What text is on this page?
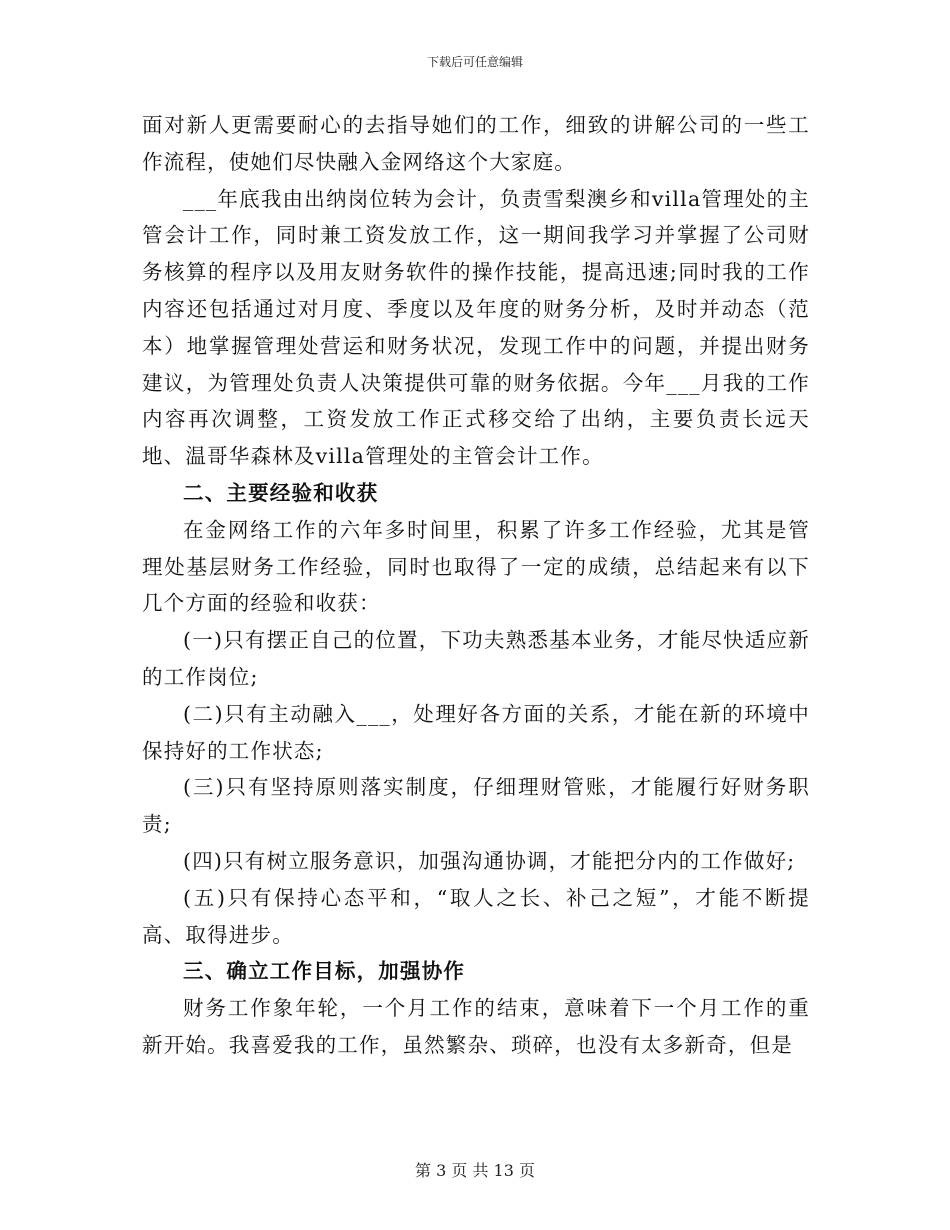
下载后可任意编辑

面对新人更需要耐心的去指导她们的工作，细致的讲解公司的一些工作流程，使她们尽快融入金网络这个大家庭。

___年底我由出纳岗位转为会计，负责雪梨澳乡和villa管理处的主管会计工作，同时兼工资发放工作，这一期间我学习并掌握了公司财务核算的程序以及用友财务软件的操作技能，提高迅速;同时我的工作内容还包括通过对月度、季度以及年度的财务分析，及时并动态（范本）地掌握管理处营运和财务状况，发现工作中的问题，并提出财务建议，为管理处负责人决策提供可靠的财务依据。今年___月我的工作内容再次调整，工资发放工作正式移交给了出纳，主要负责长远天地、温哥华森林及villa管理处的主管会计工作。

二、主要经验和收获

在金网络工作的六年多时间里，积累了许多工作经验，尤其是管理处基层财务工作经验，同时也取得了一定的成绩，总结起来有以下几个方面的经验和收获：

(一)只有摆正自己的位置，下功夫熟悉基本业务，才能尽快适应新的工作岗位;

(二)只有主动融入___，处理好各方面的关系，才能在新的环境中保持好的工作状态;

(三)只有坚持原则落实制度，仔细理财管账，才能履行好财务职责;

(四)只有树立服务意识，加强沟通协调，才能把分内的工作做好;

(五)只有保持心态平和，“取人之长、补己之短”，才能不断提高、取得进步。

三、确立工作目标，加强协作

财务工作象年轮，一个月工作的结束，意味着下一个月工作的重新开始。我喜爱我的工作，虽然繁杂、琐碎，也没有太多新奇，但是

第 3 页 共 13 页
